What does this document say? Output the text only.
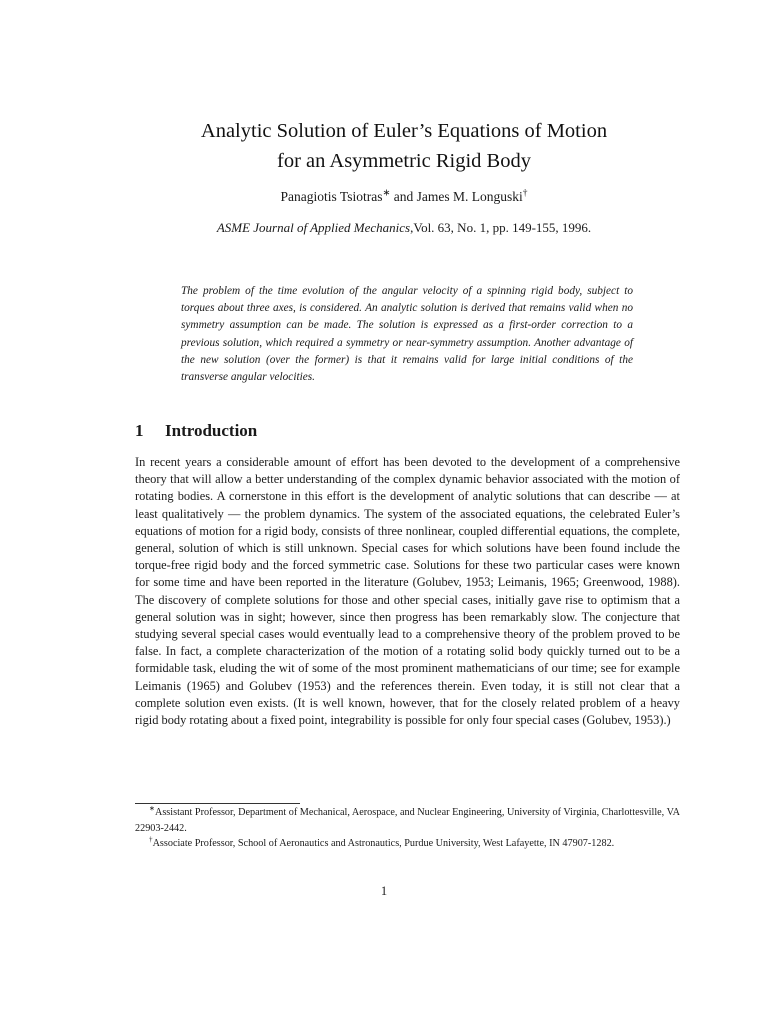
Analytic Solution of Euler’s Equations of Motion
for an Asymmetric Rigid Body
Panagiotis Tsiotras∗ and James M. Longuski†
ASME Journal of Applied Mechanics,Vol. 63, No. 1, pp. 149-155, 1996.

The problem of the time evolution of the angular velocity of a spinning rigid body, subject to torques about three axes, is considered. An analytic solution is derived that remains valid when no symmetry assumption can be made. The solution is expressed as a first-order correction to a previous solution, which required a symmetry or near-symmetry assumption. Another advantage of the new solution (over the former) is that it remains valid for large initial conditions of the transverse angular velocities.

1 Introduction

In recent years a considerable amount of effort has been devoted to the development of a comprehensive theory that will allow a better understanding of the complex dynamic behavior associated with the motion of rotating bodies. A cornerstone in this effort is the development of analytic solutions that can describe — at least qualitatively — the problem dynamics. The system of the associated equations, the celebrated Euler’s equations of motion for a rigid body, consists of three nonlinear, coupled differential equations, the complete, general, solution of which is still unknown. Special cases for which solutions have been found include the torque-free rigid body and the forced symmetric case. Solutions for these two particular cases were known for some time and have been reported in the literature (Golubev, 1953; Leimanis, 1965; Greenwood, 1988). The discovery of complete solutions for those and other special cases, initially gave rise to optimism that a general solution was in sight; however, since then progress has been remarkably slow. The conjecture that studying several special cases would eventually lead to a comprehensive theory of the problem proved to be false. In fact, a complete characterization of the motion of a rotating solid body quickly turned out to be a formidable task, eluding the wit of some of the most prominent mathematicians of our time; see for example Leimanis (1965) and Golubev (1953) and the references therein. Even today, it is still not clear that a complete solution even exists. (It is well known, however, that for the closely related problem of a heavy rigid body rotating about a fixed point, integrability is possible for only four special cases (Golubev, 1953).)

∗Assistant Professor, Department of Mechanical, Aerospace, and Nuclear Engineering, University of Virginia, Charlottesville, VA 22903-2442.

†Associate Professor, School of Aeronautics and Astronautics, Purdue University, West Lafayette, IN 47907-1282.

1
